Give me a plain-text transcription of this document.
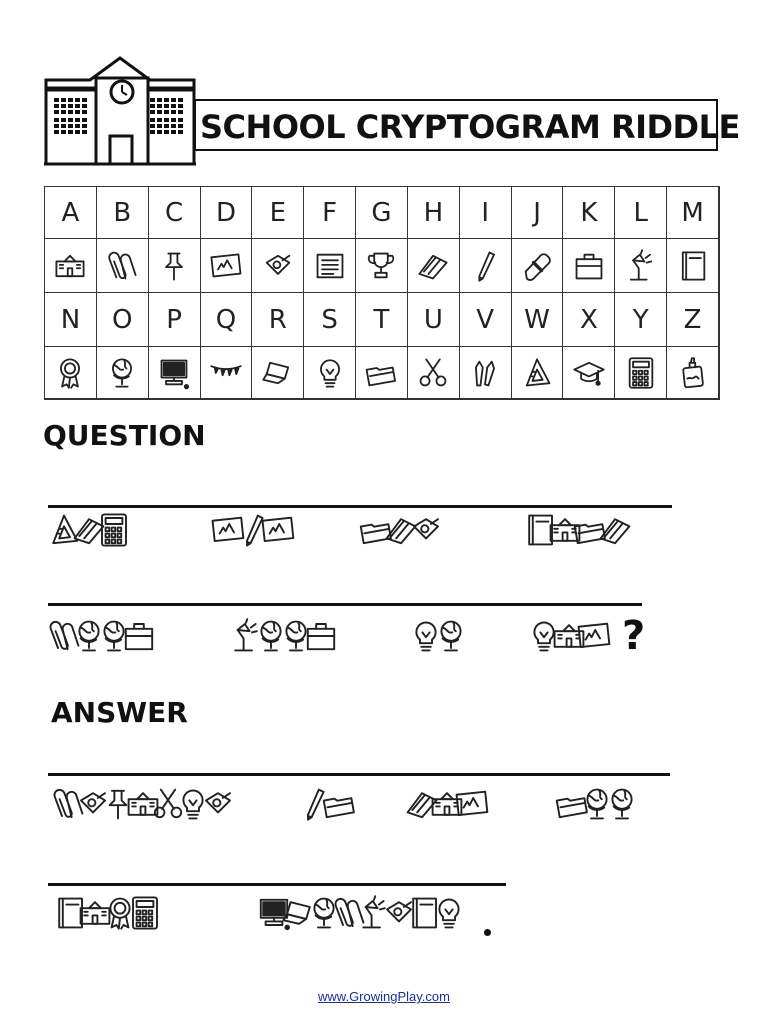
SCHOOL CRYPTOGRAM RIDDLE
A B C D E F G H I J K L M
N O P Q R S T U V W X Y Z
QUESTION
ANSWER
?
www.GrowingPlay.com
